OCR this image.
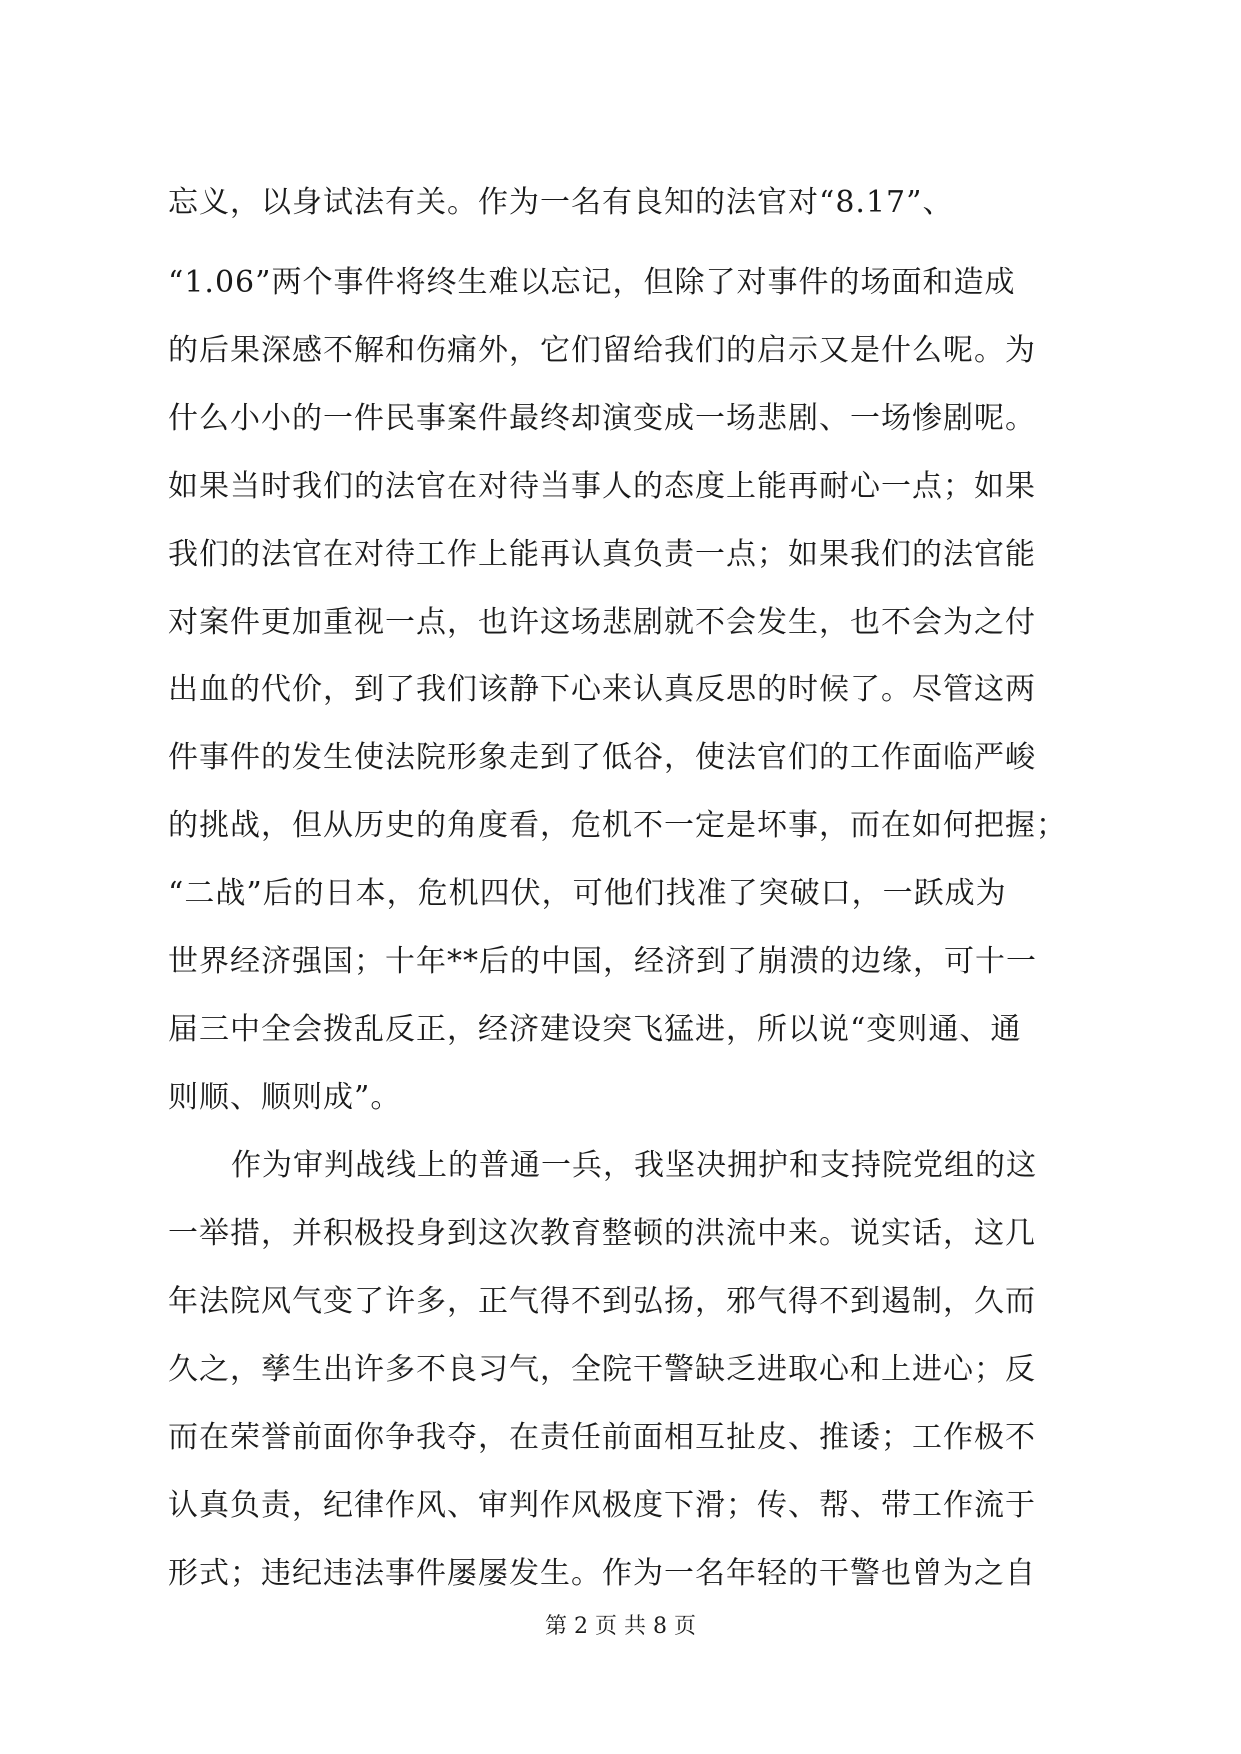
忘义，以身试法有关。作为一名有良知的法官对“8.17”、
“1.06”两个事件将终生难以忘记，但除了对事件的场面和造成
的后果深感不解和伤痛外，它们留给我们的启示又是什么呢。为
什么小小的一件民事案件最终却演变成一场悲剧、一场惨剧呢。
如果当时我们的法官在对待当事人的态度上能再耐心一点；如果
我们的法官在对待工作上能再认真负责一点；如果我们的法官能
对案件更加重视一点，也许这场悲剧就不会发生，也不会为之付
出血的代价，到了我们该静下心来认真反思的时候了。尽管这两
件事件的发生使法院形象走到了低谷，使法官们的工作面临严峻
的挑战，但从历史的角度看，危机不一定是坏事，而在如何把握；
“二战”后的日本，危机四伏，可他们找准了突破口，一跃成为
世界经济强国；十年**后的中国，经济到了崩溃的边缘，可十一
届三中全会拨乱反正，经济建设突飞猛进，所以说“变则通、通
则顺、顺则成”。
作为审判战线上的普通一兵，我坚决拥护和支持院党组的这
一举措，并积极投身到这次教育整顿的洪流中来。说实话，这几
年法院风气变了许多，正气得不到弘扬，邪气得不到遏制，久而
久之，孳生出许多不良习气，全院干警缺乏进取心和上进心；反
而在荣誉前面你争我夺，在责任前面相互扯皮、推诿；工作极不
认真负责，纪律作风、审判作风极度下滑；传、帮、带工作流于
形式；违纪违法事件屡屡发生。作为一名年轻的干警也曾为之自
第 2 页 共 8 页
